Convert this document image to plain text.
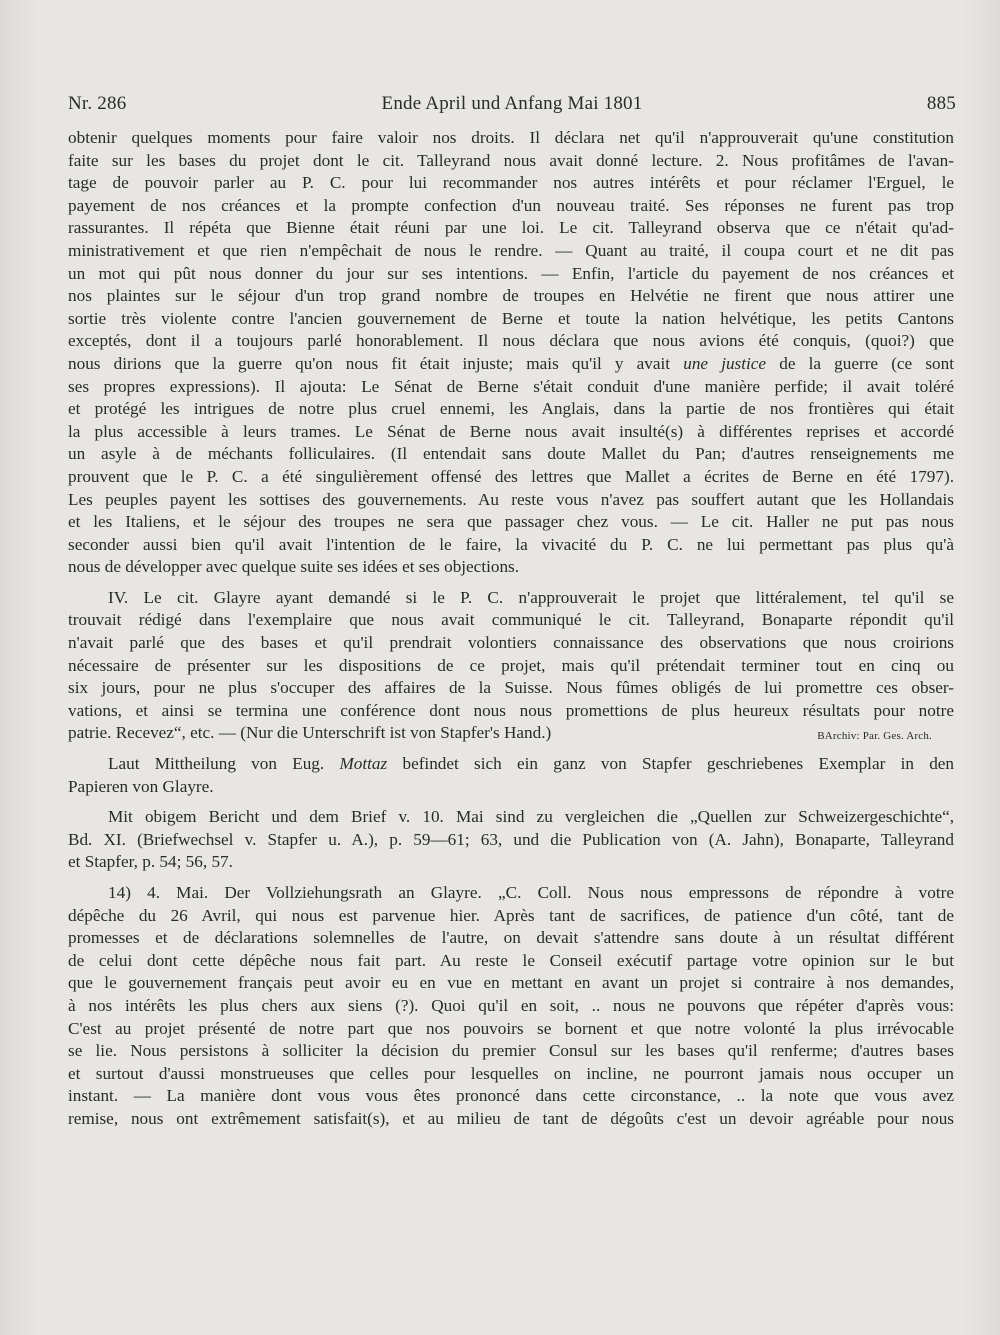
Nr. 286	Ende April und Anfang Mai 1801	885
obtenir quelques moments pour faire valoir nos droits. Il déclara net qu'il n'approuverait qu'une constitution
faite sur les bases du projet dont le cit. Talleyrand nous avait donné lecture. 2. Nous profitâmes de l'avan-
tage de pouvoir parler au P. C. pour lui recommander nos autres intérêts et pour réclamer l'Erguel, le
payement de nos créances et la prompte confection d'un nouveau traité. Ses réponses ne furent pas trop
rassurantes. Il répéta que Bienne était réuni par une loi. Le cit. Talleyrand observa que ce n'était qu'ad-
ministrativement et que rien n'empêchait de nous le rendre. — Quant au traité, il coupa court et ne dit pas
un mot qui pût nous donner du jour sur ses intentions. — Enfin, l'article du payement de nos créances et
nos plaintes sur le séjour d'un trop grand nombre de troupes en Helvétie ne firent que nous attirer une
sortie très violente contre l'ancien gouvernement de Berne et toute la nation helvétique, les petits Cantons
exceptés, dont il a toujours parlé honorablement. Il nous déclara que nous avions été conquis, (quoi?) que
nous dirions que la guerre qu'on nous fit était injuste; mais qu'il y avait une justice de la guerre (ce sont
ses propres expressions). Il ajouta: Le Sénat de Berne s'était conduit d'une manière perfide; il avait toléré
et protégé les intrigues de notre plus cruel ennemi, les Anglais, dans la partie de nos frontières qui était
la plus accessible à leurs trames. Le Sénat de Berne nous avait insulté(s) à différentes reprises et accordé
un asyle à de méchants folliculaires. (Il entendait sans doute Mallet du Pan; d'autres renseignements me
prouvent que le P. C. a été singulièrement offensé des lettres que Mallet a écrites de Berne en été 1797).
Les peuples payent les sottises des gouvernements. Au reste vous n'avez pas souffert autant que les Hollandais
et les Italiens, et le séjour des troupes ne sera que passager chez vous. — Le cit. Haller ne put pas nous
seconder aussi bien qu'il avait l'intention de le faire, la vivacité du P. C. ne lui permettant pas plus qu'à
nous de développer avec quelque suite ses idées et ses objections.
IV. Le cit. Glayre ayant demandé si le P. C. n'approuverait le projet que littéralement, tel qu'il se
trouvait rédigé dans l'exemplaire que nous avait communiqué le cit. Talleyrand, Bonaparte répondit qu'il
n'avait parlé que des bases et qu'il prendrait volontiers connaissance des observations que nous croirions
nécessaire de présenter sur les dispositions de ce projet, mais qu'il prétendait terminer tout en cinq ou
six jours, pour ne plus s'occuper des affaires de la Suisse. Nous fûmes obligés de lui promettre ces obser-
vations, et ainsi se termina une conférence dont nous nous promettions de plus heureux résultats pour notre
patrie. Recevez“, etc. — (Nur die Unterschrift ist von Stapfer's Hand.)	BArchiv: Par. Ges. Arch.
Laut Mittheilung von Eug. Mottaz befindet sich ein ganz von Stapfer geschriebenes Exemplar in den
Papieren von Glayre.
Mit obigem Bericht und dem Brief v. 10. Mai sind zu vergleichen die „Quellen zur Schweizergeschichte“,
Bd. XI. (Briefwechsel v. Stapfer u. A.), p. 59—61; 63, und die Publication von (A. Jahn), Bonaparte, Talleyrand
et Stapfer, p. 54; 56, 57.
14) 4. Mai. Der Vollziehungsrath an Glayre. „C. Coll. Nous nous empressons de répondre à votre
dépêche du 26 Avril, qui nous est parvenue hier. Après tant de sacrifices, de patience d'un côté, tant de
promesses et de déclarations solemnelles de l'autre, on devait s'attendre sans doute à un résultat différent
de celui dont cette dépêche nous fait part. Au reste le Conseil exécutif partage votre opinion sur le but
que le gouvernement français peut avoir eu en vue en mettant en avant un projet si contraire à nos demandes,
à nos intérêts les plus chers aux siens (?). Quoi qu'il en soit, .. nous ne pouvons que répéter d'après vous:
C'est au projet présenté de notre part que nos pouvoirs se bornent et que notre volonté la plus irrévocable
se lie. Nous persistons à solliciter la décision du premier Consul sur les bases qu'il renferme; d'autres bases
et surtout d'aussi monstrueuses que celles pour lesquelles on incline, ne pourront jamais nous occuper un
instant. — La manière dont vous vous êtes prononcé dans cette circonstance, .. la note que vous avez
remise, nous ont extrêmement satisfait(s), et au milieu de tant de dégoûts c'est un devoir agréable pour nous
